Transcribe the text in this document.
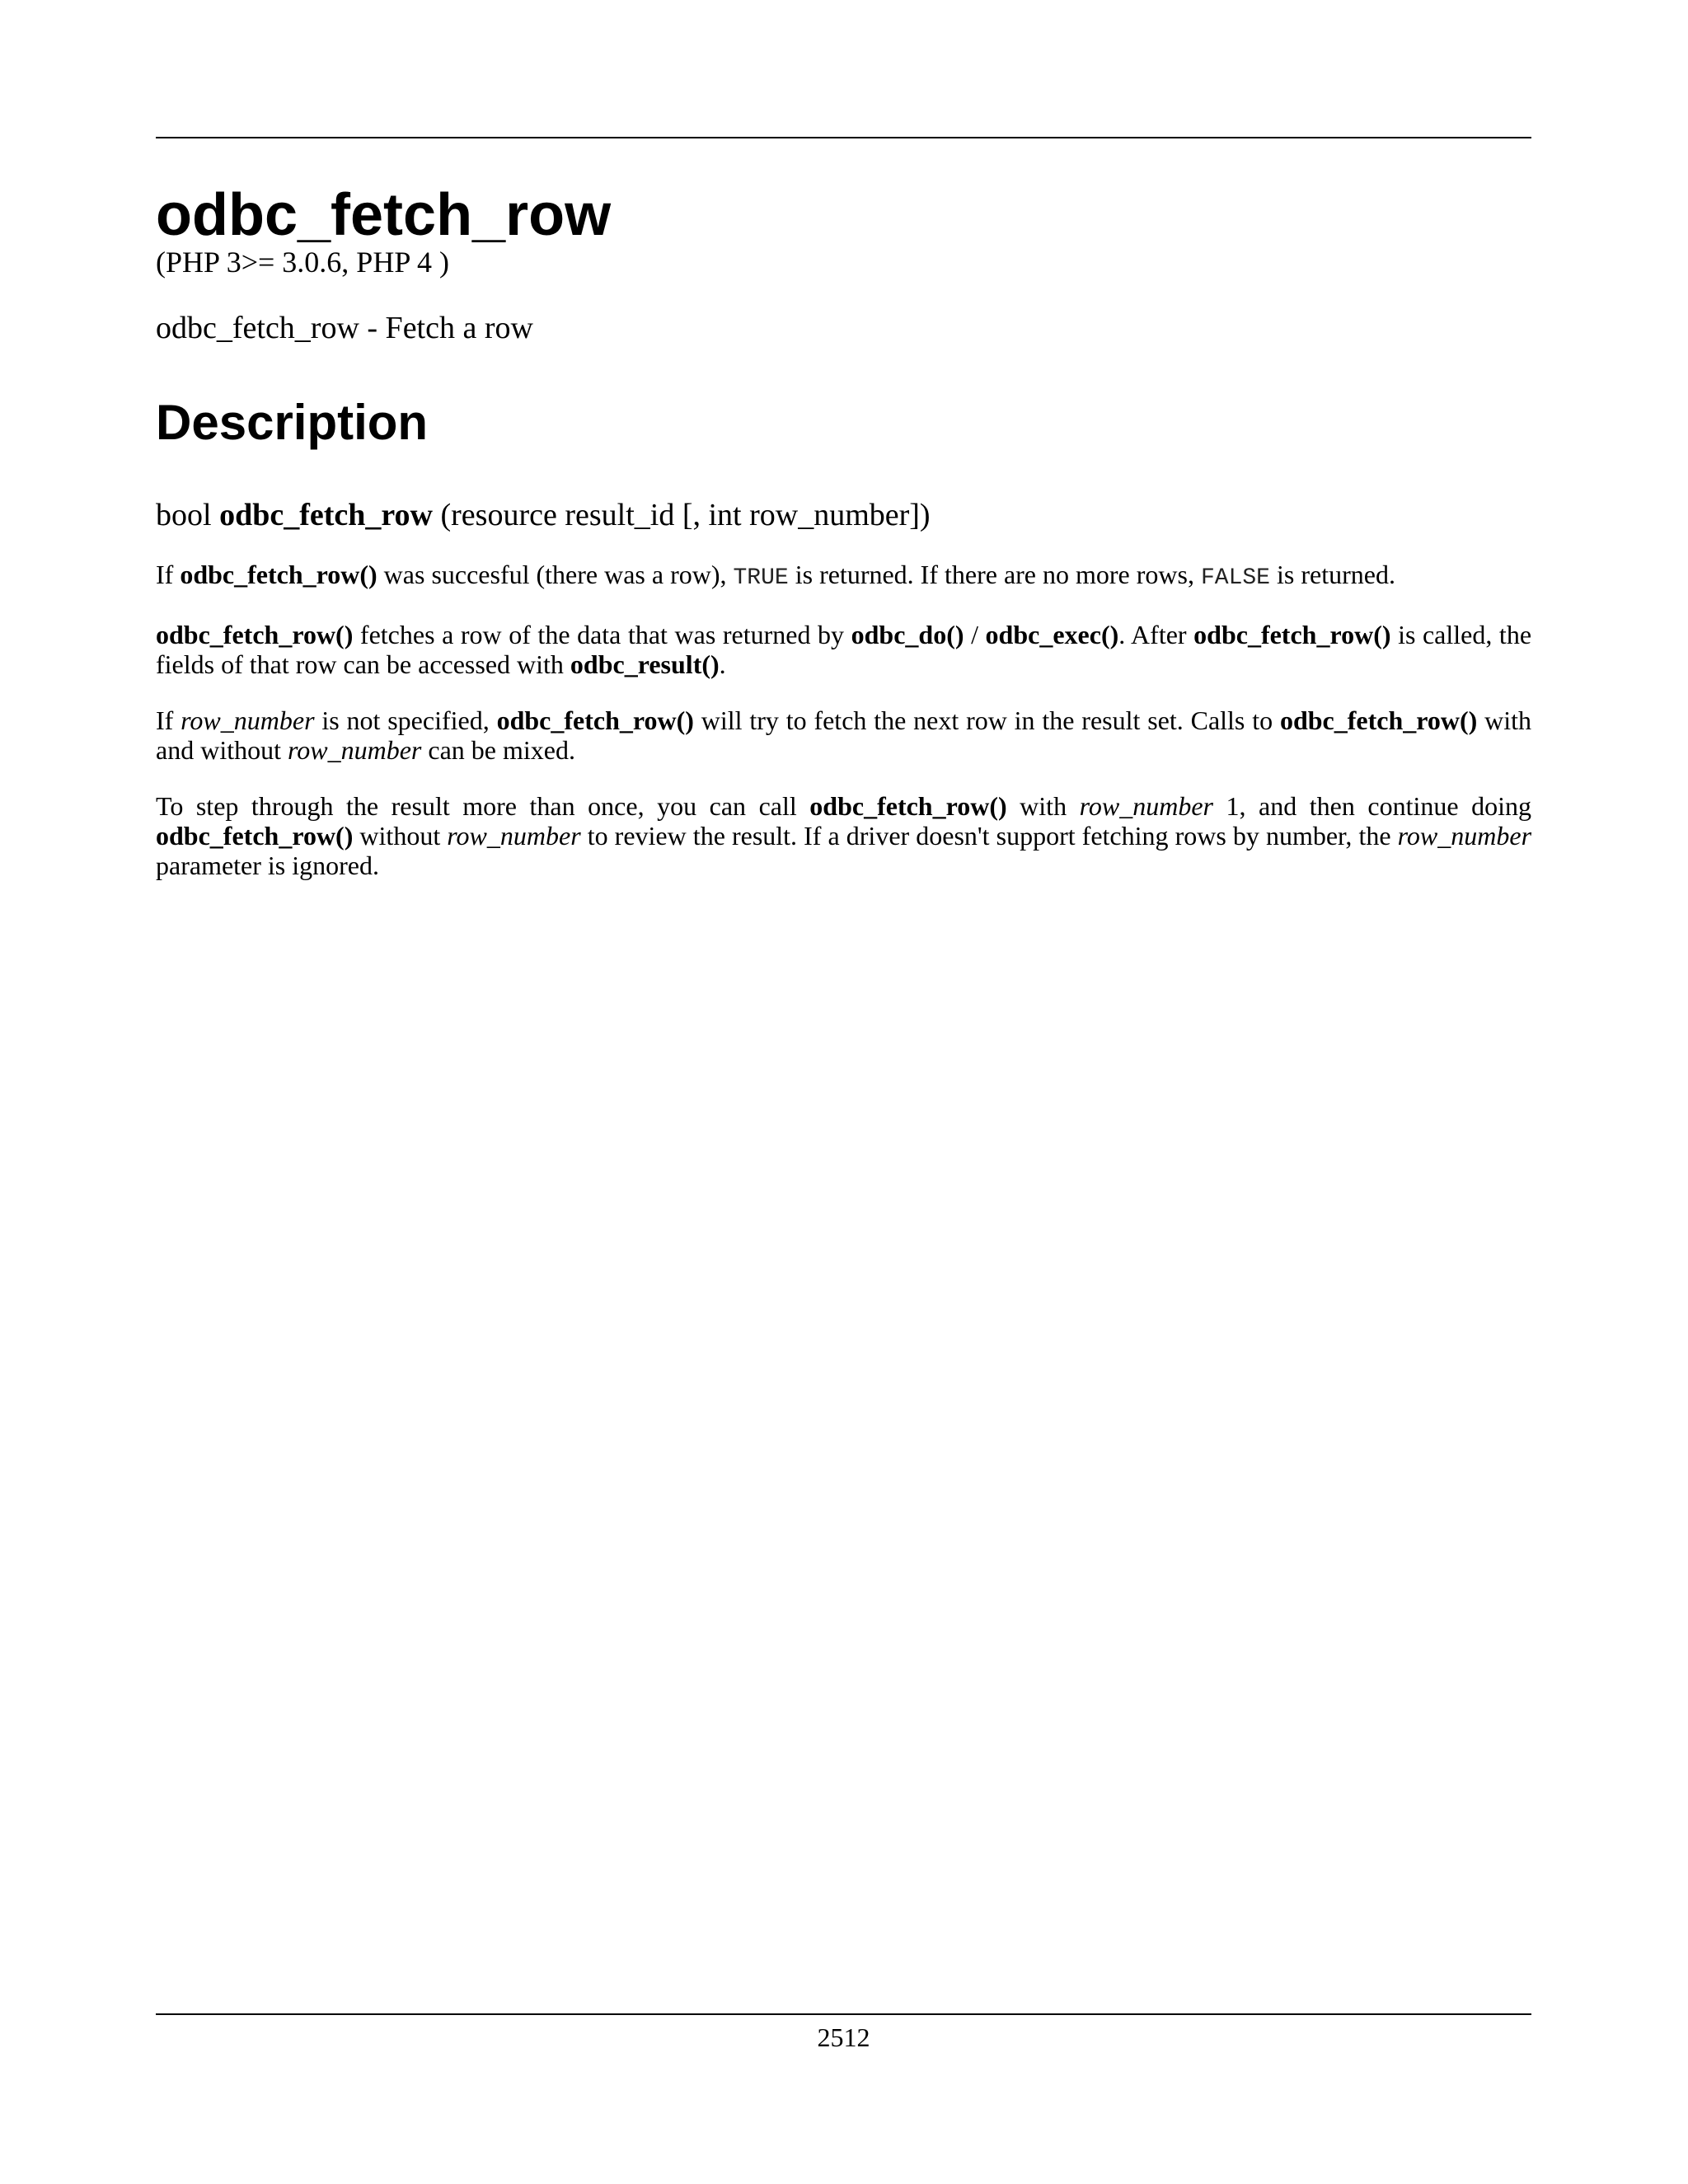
odbc_fetch_row
(PHP 3>= 3.0.6, PHP 4 )
odbc_fetch_row - Fetch a row
Description
bool odbc_fetch_row (resource result_id [, int row_number])

If odbc_fetch_row() was succesful (there was a row), TRUE is returned. If there are no more rows, FALSE is returned.

odbc_fetch_row() fetches a row of the data that was returned by odbc_do() / odbc_exec(). After odbc_fetch_row() is called, the fields of that row can be accessed with odbc_result().

If row_number is not specified, odbc_fetch_row() will try to fetch the next row in the result set. Calls to odbc_fetch_row() with and without row_number can be mixed.

To step through the result more than once, you can call odbc_fetch_row() with row_number 1, and then continue doing odbc_fetch_row() without row_number to review the result. If a driver doesn't support fetching rows by number, the row_number parameter is ignored.

2512
